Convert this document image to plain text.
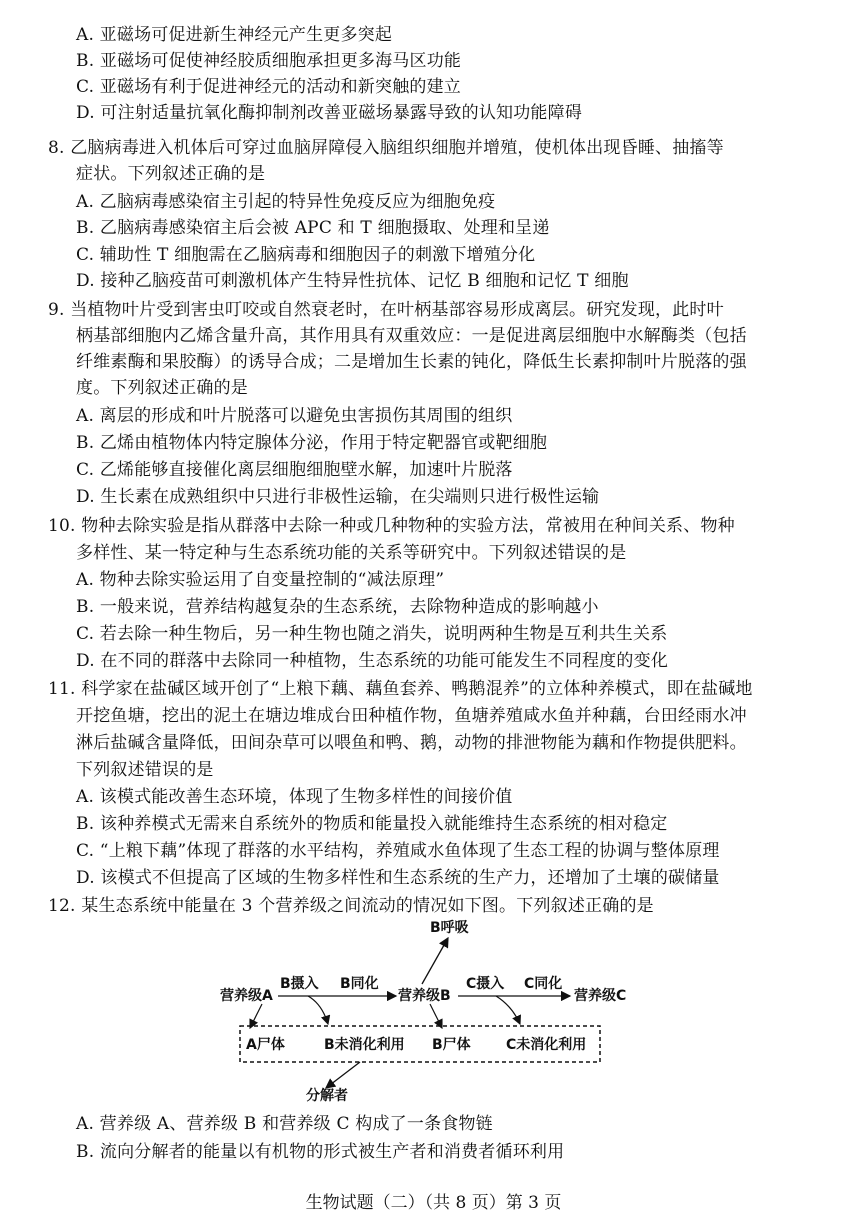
A. 亚磁场可促进新生神经元产生更多突起
B. 亚磁场可促使神经胶质细胞承担更多海马区功能
C. 亚磁场有利于促进神经元的活动和新突触的建立
D. 可注射适量抗氧化酶抑制剂改善亚磁场暴露导致的认知功能障碍
8. 乙脑病毒进入机体后可穿过血脑屏障侵入脑组织细胞并增殖，使机体出现昏睡、抽搐等
症状。下列叙述正确的是
A. 乙脑病毒感染宿主引起的特异性免疫反应为细胞免疫
B. 乙脑病毒感染宿主后会被 APC 和 T 细胞摄取、处理和呈递
C. 辅助性 T 细胞需在乙脑病毒和细胞因子的刺激下增殖分化
D. 接种乙脑疫苗可刺激机体产生特异性抗体、记忆 B 细胞和记忆 T 细胞
9. 当植物叶片受到害虫叮咬或自然衰老时，在叶柄基部容易形成离层。研究发现，此时叶
柄基部细胞内乙烯含量升高，其作用具有双重效应：一是促进离层细胞中水解酶类（包括
纤维素酶和果胶酶）的诱导合成；二是增加生长素的钝化，降低生长素抑制叶片脱落的强
度。下列叙述正确的是
A. 离层的形成和叶片脱落可以避免虫害损伤其周围的组织
B. 乙烯由植物体内特定腺体分泌，作用于特定靶器官或靶细胞
C. 乙烯能够直接催化离层细胞细胞壁水解，加速叶片脱落
D. 生长素在成熟组织中只进行非极性运输，在尖端则只进行极性运输
10. 物种去除实验是指从群落中去除一种或几种物种的实验方法，常被用在种间关系、物种
多样性、某一特定种与生态系统功能的关系等研究中。下列叙述错误的是
A. 物种去除实验运用了自变量控制的“减法原理”
B. 一般来说，营养结构越复杂的生态系统，去除物种造成的影响越小
C. 若去除一种生物后，另一种生物也随之消失，说明两种生物是互利共生关系
D. 在不同的群落中去除同一种植物，生态系统的功能可能发生不同程度的变化
11. 科学家在盐碱区域开创了“上粮下藕、藕鱼套养、鸭鹅混养”的立体种养模式，即在盐碱地
开挖鱼塘，挖出的泥土在塘边堆成台田种植作物，鱼塘养殖咸水鱼并种藕，台田经雨水冲
淋后盐碱含量降低，田间杂草可以喂鱼和鸭、鹅，动物的排泄物能为藕和作物提供肥料。
下列叙述错误的是
A. 该模式能改善生态环境，体现了生物多样性的间接价值
B. 该种养模式无需来自系统外的物质和能量投入就能维持生态系统的相对稳定
C. “上粮下藕”体现了群落的水平结构，养殖咸水鱼体现了生态工程的协调与整体原理
D. 该模式不但提高了区域的生物多样性和生态系统的生产力，还增加了土壤的碳储量
12. 某生态系统中能量在 3 个营养级之间流动的情况如下图。下列叙述正确的是
B呼吸
B摄入 B同化	C摄入 C同化
营养级A	营养级B	营养级C
A尸体	B未消化利用 B尸体	C未消化利用
分解者
A. 营养级 A、营养级 B 和营养级 C 构成了一条食物链
B. 流向分解者的能量以有机物的形式被生产者和消费者循环利用
生物试题（二）（共 8 页）第 3 页
